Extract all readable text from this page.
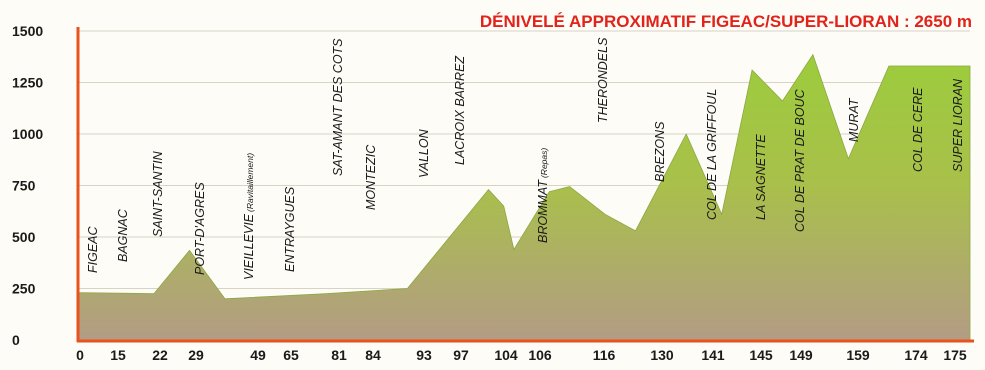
0
250
500
750
1000
1250
1500
0 15 22 29	49 65 81 84	93 97 104 106	116	130 141 145 149 159 174 175
FIGEAC BAGNAC SAINT-SANTIN PORT-D'AGRES	VIEILLEVIE(Ravitaillement)
ENTRAYGUES
SAT-AMANT DES COTS
MONTEZIC	VALLON LACROIX BARREZ
BROMMAT(Repas)
THERONDELS
BREZONS	COL DE LA GRIFFOUL	LA SAGNETTE COL DE PRAT DE BOUC	MURAT	COL DE CERE SUPER LIORAN
DÉNIVELÉ APPROXIMATIF FIGEAC/SUPER-LIORAN : 2650 m
